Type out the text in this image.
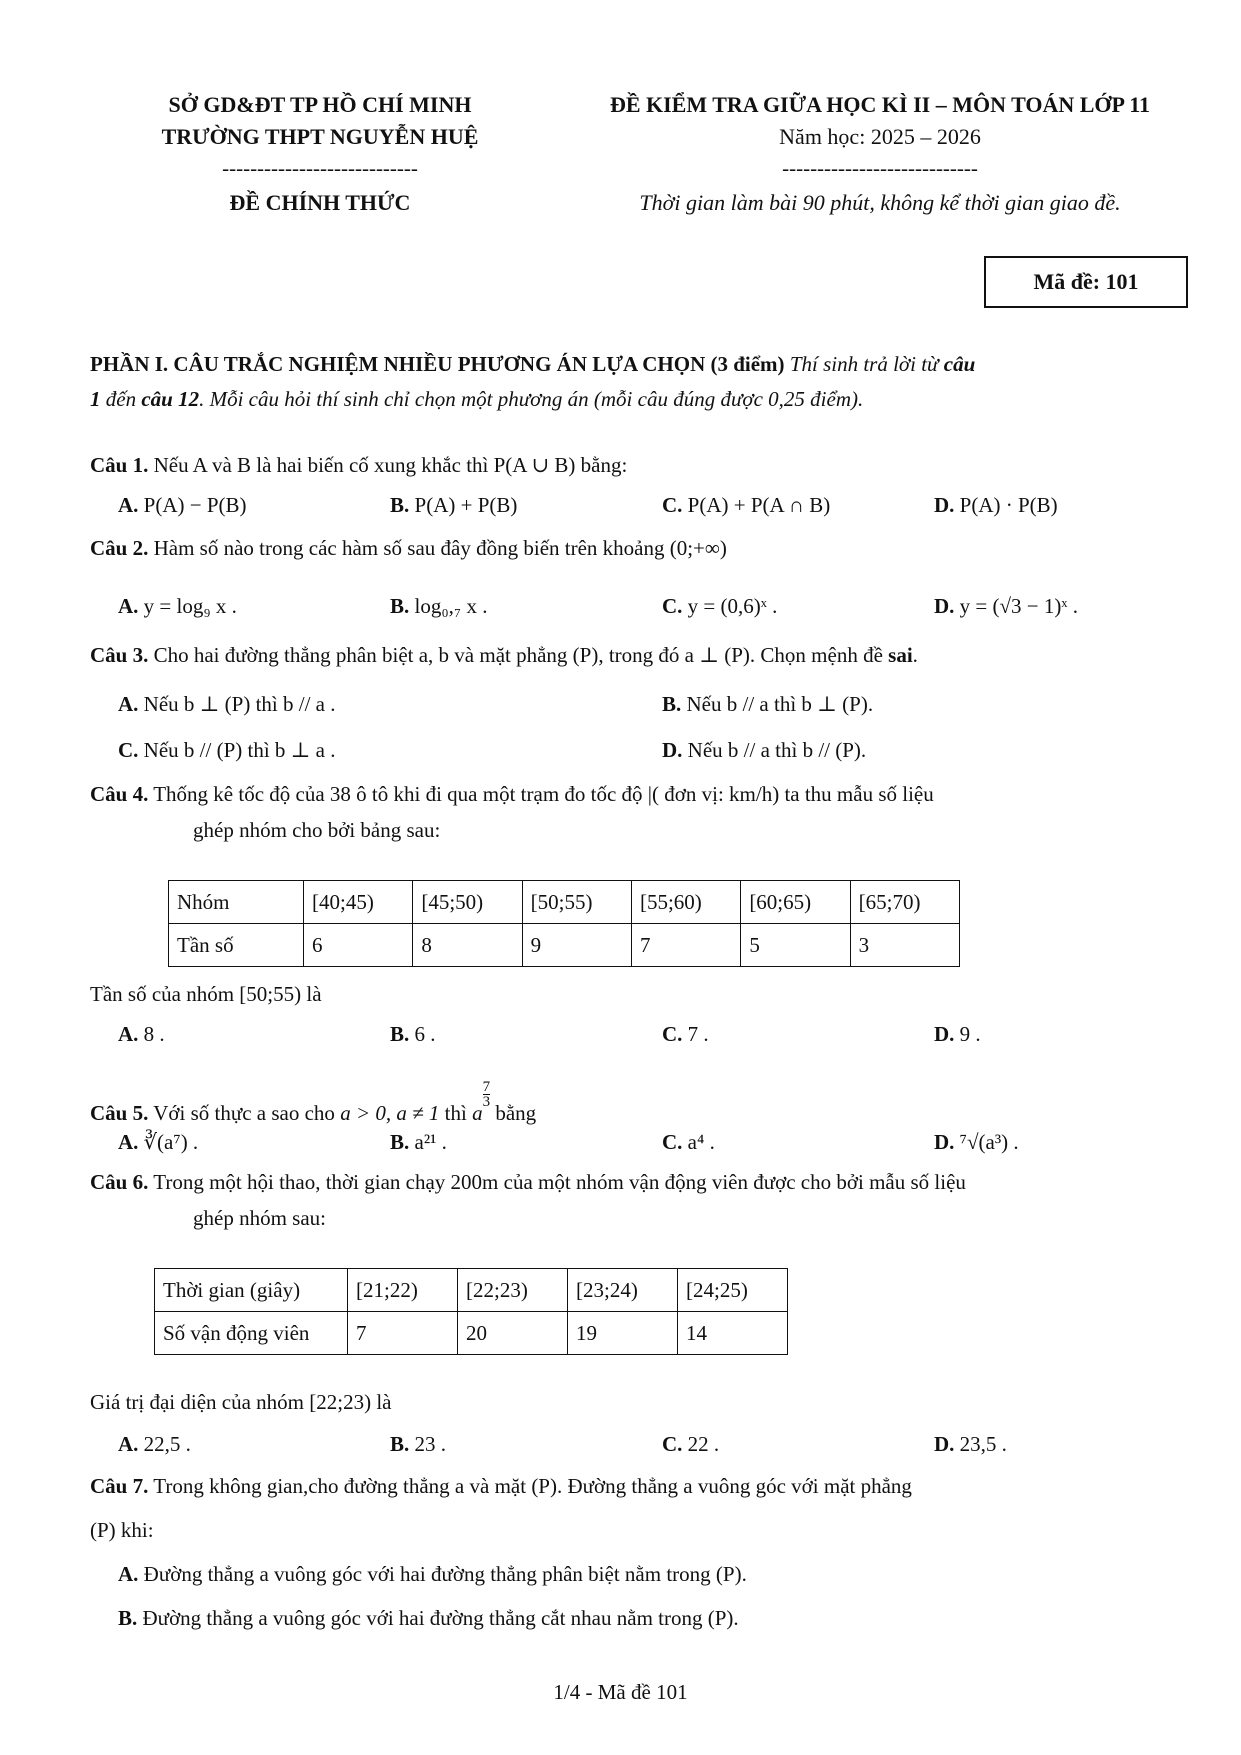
SỞ GD&ĐT TP HỒ CHÍ MINH
TRƯỜNG THPT NGUYỄN HUỆ
----------------------------
ĐỀ CHÍNH THỨC
ĐỀ KIỂM TRA GIỮA HỌC KÌ II – MÔN TOÁN LỚP 11
Năm học: 2025 – 2026
----------------------------
Thời gian làm bài 90 phút, không kể thời gian giao đề.
Mã đề: 101
PHẦN I. CÂU TRẮC NGHIỆM NHIỀU PHƯƠNG ÁN LỰA CHỌN (3 điểm) Thí sinh trả lời từ câu
1 đến câu 12. Mỗi câu hỏi thí sinh chỉ chọn một phương án (mỗi câu đúng được 0,25 điểm).
Câu 1. Nếu A và B là hai biến cố xung khắc thì P(A ∪ B) bằng:
A. P(A) − P(B)	B. P(A) + P(B)	C. P(A) + P(A ∩ B)	D. P(A) · P(B)
Câu 2. Hàm số nào trong các hàm số sau đây đồng biến trên khoảng (0;+∞)
A. y = log₉ x .	B. log₀,₇ x .	C. y = (0,6)ˣ .	D. y = (√3 − 1)ˣ .
Câu 3. Cho hai đường thẳng phân biệt a, b và mặt phẳng (P), trong đó a ⊥ (P). Chọn mệnh đề sai.
A. Nếu b ⊥ (P) thì b // a .	B. Nếu b // a thì b ⊥ (P).
C. Nếu b // (P) thì b ⊥ a .	D. Nếu b // a thì b // (P).
Câu 4. Thống kê tốc độ của 38 ô tô khi đi qua một trạm đo tốc độ |( đơn vị: km/h) ta thu mẫu số liệu
ghép nhóm cho bởi bảng sau:
Nhóm	[40;45)	[45;50)	[50;55)	[55;60)	[60;65)	[65;70)
Tần số	6	8	9	7	5	3
Tần số của nhóm [50;55) là
A. 8 .	B. 6 .	C. 7 .	D. 9 .
Câu 5. Với số thực a sao cho a > 0, a ≠ 1 thì a
$\frac{7}{3}$
bằng
A. ∛(a⁷) .	B. a²¹ .	C. a⁴ .	D. ⁷√(a³) .
Câu 6. Trong một hội thao, thời gian chạy 200m của một nhóm vận động viên được cho bởi mẫu số liệu
ghép nhóm sau:
Thời gian (giây)	[21;22)	[22;23)	[23;24)	[24;25)
Số vận động viên	7	20	19	14
Giá trị đại diện của nhóm [22;23) là
A. 22,5 .	B. 23 .	C. 22 .	D. 23,5 .
Câu 7. Trong không gian,cho đường thẳng a và mặt (P). Đường thẳng a vuông góc với mặt phẳng
(P) khi:
A. Đường thẳng a vuông góc với hai đường thẳng phân biệt nằm trong (P).
B. Đường thẳng a vuông góc với hai đường thẳng cắt nhau nằm trong (P).
1/4 - Mã đề 101
